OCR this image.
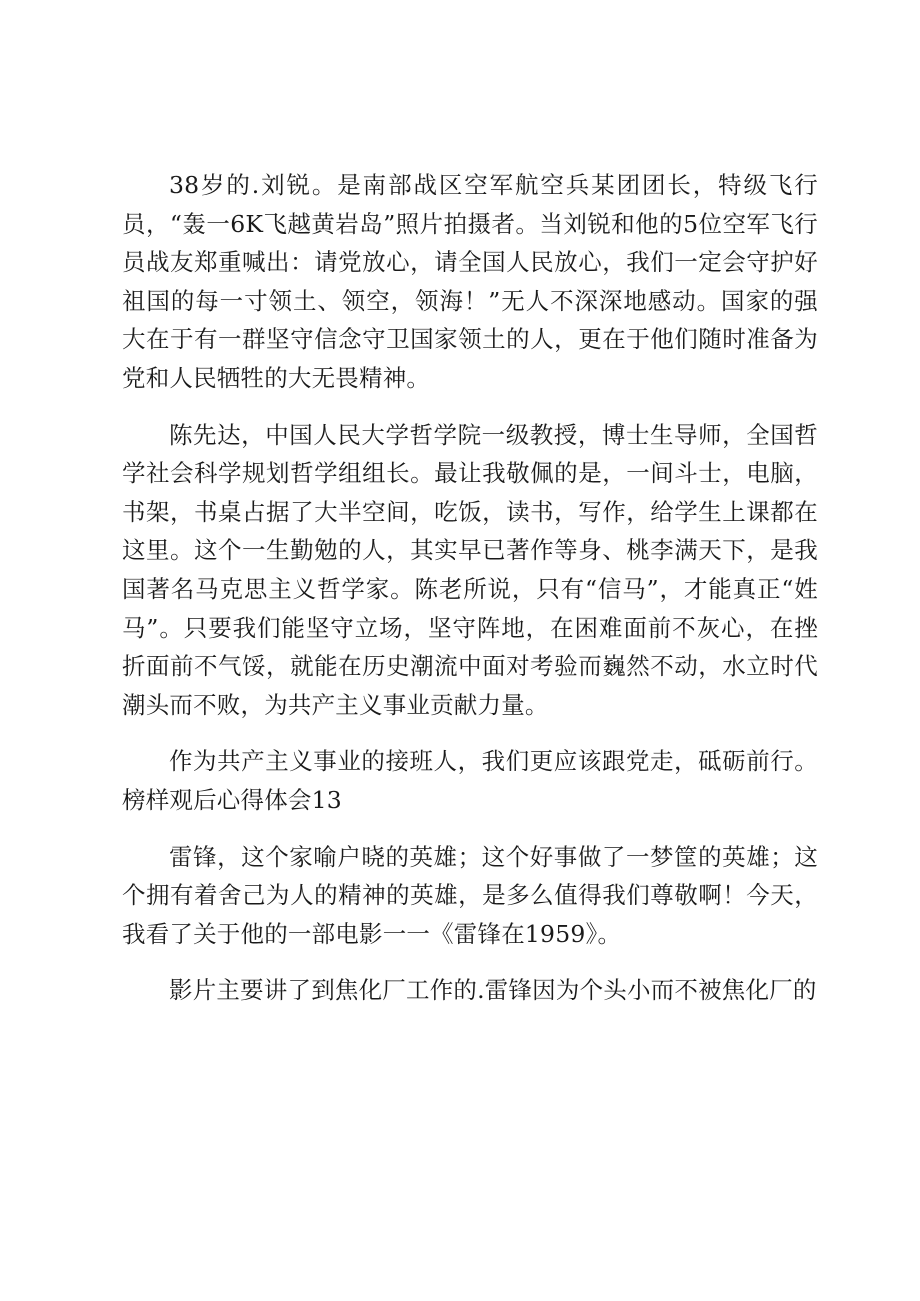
38岁的.刘锐。是南部战区空军航空兵某团团长，特级飞行员，“轰一6K飞越黄岩岛”照片拍摄者。当刘锐和他的5位空军飞行员战友郑重喊出：请党放心，请全国人民放心，我们一定会守护好祖国的每一寸领土、领空，领海！”无人不深深地感动。国家的强大在于有一群坚守信念守卫国家领土的人，更在于他们随时准备为党和人民牺牲的大无畏精神。

陈先达，中国人民大学哲学院一级教授，博士生导师，全国哲学社会科学规划哲学组组长。最让我敬佩的是，一间斗士，电脑，书架，书桌占据了大半空间，吃饭，读书，写作，给学生上课都在这里。这个一生勤勉的人，其实早已著作等身、桃李满天下，是我国著名马克思主义哲学家。陈老所说，只有“信马”，才能真正“姓马”。只要我们能坚守立场，坚守阵地，在困难面前不灰心，在挫折面前不气馁，就能在历史潮流中面对考验而巍然不动，水立时代潮头而不败，为共产主义事业贡献力量。

作为共产主义事业的接班人，我们更应该跟党走，砥砺前行。榜样观后心得体会13

雷锋，这个家喻户晓的英雄；这个好事做了一梦筐的英雄；这个拥有着舍己为人的精神的英雄，是多么值得我们尊敬啊！今天，我看了关于他的一部电影一一《雷锋在1959》。

影片主要讲了到焦化厂工作的.雷锋因为个头小而不被焦化厂的
